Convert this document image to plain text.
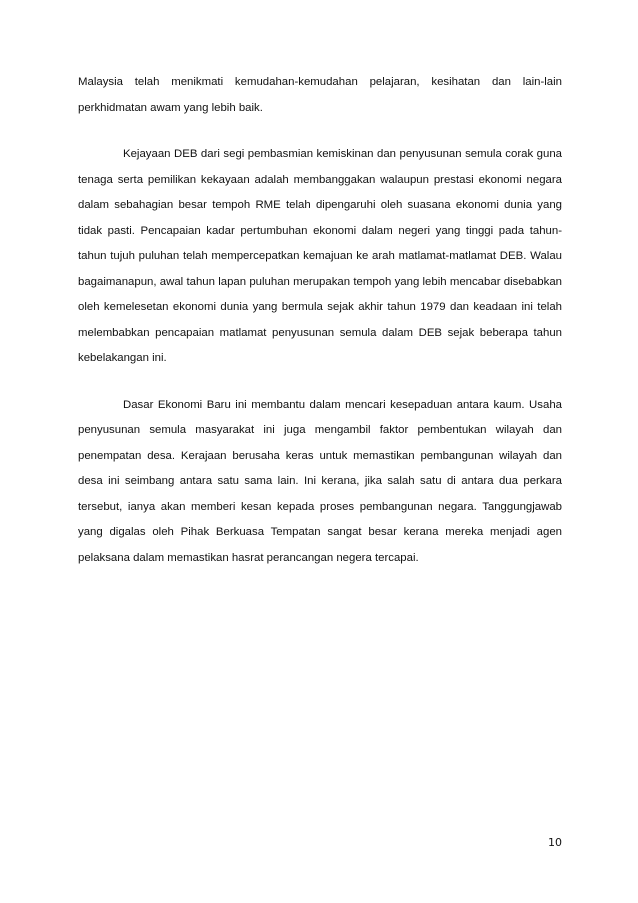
Malaysia telah menikmati kemudahan-kemudahan pelajaran, kesihatan dan lain-lain perkhidmatan awam yang lebih baik.

Kejayaan DEB dari segi pembasmian kemiskinan dan penyusunan semula corak guna tenaga serta pemilikan kekayaan adalah membanggakan walaupun prestasi ekonomi negara dalam sebahagian besar tempoh RME telah dipengaruhi oleh suasana ekonomi dunia yang tidak pasti. Pencapaian kadar pertumbuhan ekonomi dalam negeri yang tinggi pada tahun-tahun tujuh puluhan telah mempercepatkan kemajuan ke arah matlamat-matlamat DEB. Walau bagaimanapun, awal tahun lapan puluhan merupakan tempoh yang lebih mencabar disebabkan oleh kemelesetan ekonomi dunia yang bermula sejak akhir tahun 1979 dan keadaan ini telah melembabkan pencapaian matlamat penyusunan semula dalam DEB sejak beberapa tahun kebelakangan ini.

Dasar Ekonomi Baru ini membantu dalam mencari kesepaduan antara kaum. Usaha penyusunan semula masyarakat ini juga mengambil faktor pembentukan wilayah dan penempatan desa. Kerajaan berusaha keras untuk memastikan pembangunan wilayah dan desa ini seimbang antara satu sama lain. Ini kerana, jika salah satu di antara dua perkara tersebut, ianya akan memberi kesan kepada proses pembangunan negara. Tanggungjawab yang digalas oleh Pihak Berkuasa Tempatan sangat besar kerana mereka menjadi agen pelaksana dalam memastikan hasrat perancangan negera tercapai.

10
